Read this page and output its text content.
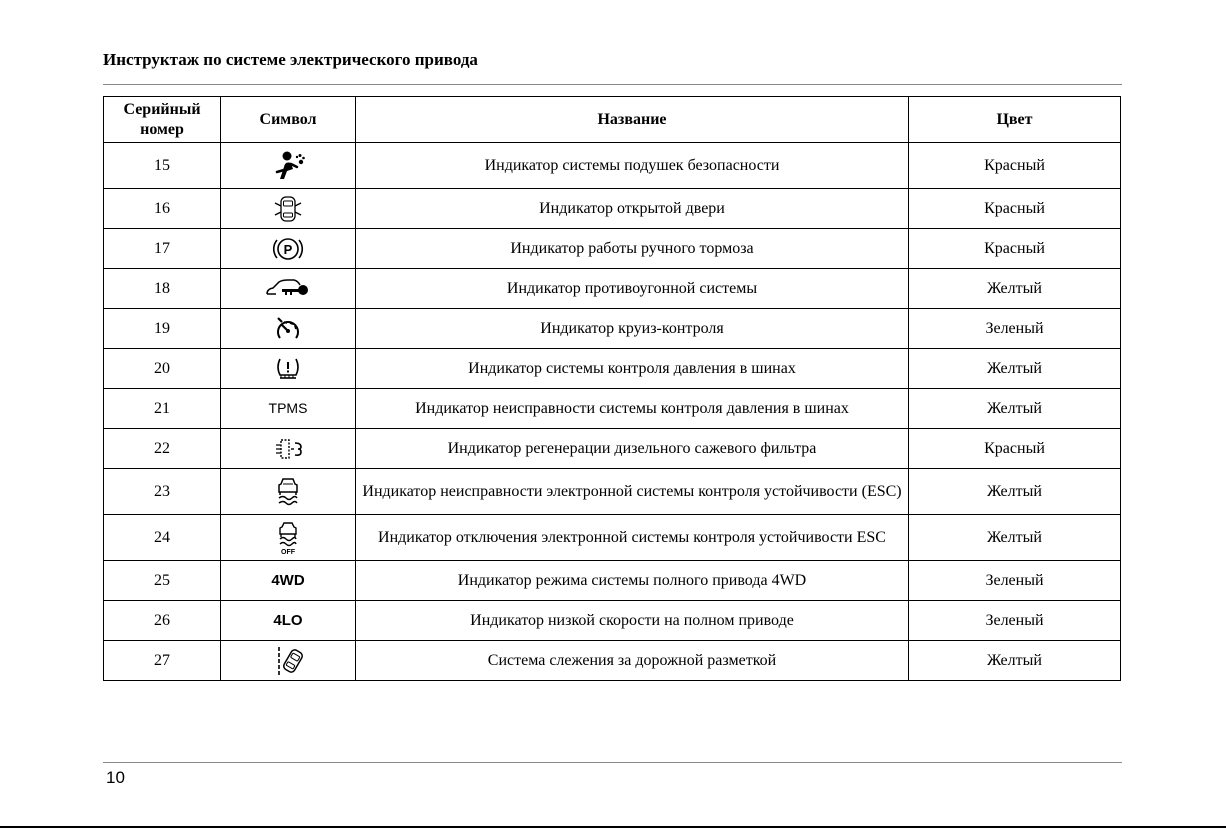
Инструктаж по системе электрического привода
Серийный номер	Символ	Название	Цвет
15		Индикатор системы подушек безопасности	Красный
16		Индикатор открытой двери	Красный
17	P	Индикатор работы ручного тормоза	Красный
18		Индикатор противоугонной системы	Желтый
19		Индикатор круиз-контроля	Зеленый
20		Индикатор системы контроля давления в шинах	Желтый
21	TPMS	Индикатор неисправности системы контроля давления в шинах	Желтый
22		Индикатор регенерации дизельного сажевого фильтра	Красный
23		Индикатор неисправности электронной системы контроля устойчивости (ESC)	Желтый
24	OFF	Индикатор отключения электронной системы контроля устойчивости ESC	Желтый
25	4WD	Индикатор режима системы полного привода 4WD	Зеленый
26	4LO	Индикатор низкой скорости на полном приводе	Зеленый
27		Система слежения за дорожной разметкой	Желтый
10
